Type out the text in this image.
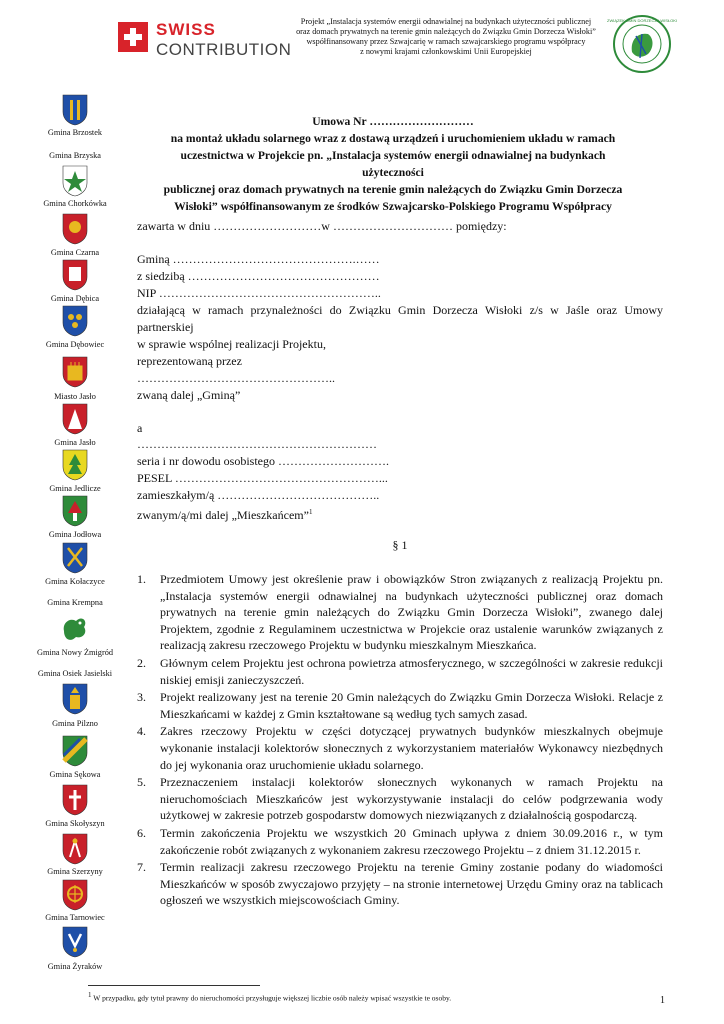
SWISS
CONTRIBUTION
Projekt „Instalacja systemów energii odnawialnej na budynkach użyteczności publicznej
oraz domach prywatnych na terenie gmin należących do Związku Gmin Dorzecza Wisłoki”
współfinansowany przez Szwajcarię w ramach szwajcarskiego programu współpracy
z nowymi krajami członkowskimi Unii Europejskiej
ZWIĄZEK GMIN DORZECZA WISŁOKI
Gmina Brzostek
Gmina Brzyska
Gmina Chorkówka
Gmina Czarna
Gmina Dębica
Gmina Dębowiec
Miasto Jasło
Gmina Jasło
Gmina Jedlicze
Gmina Jodłowa
Gmina Kołaczyce
Gmina Krempna
Gmina Nowy Żmigród
Gmina Osiek Jasielski
Gmina Pilzno
Gmina Sękowa
Gmina Skołyszyn
Gmina Szerzyny
Gmina Tarnowiec
Gmina Żyraków
Umowa Nr ………………………
na montaż układu solarnego wraz z dostawą urządzeń i uruchomieniem układu w ramach
uczestnictwa w Projekcie pn. „Instalacja systemów energii odnawialnej na budynkach użyteczności
publicznej oraz domach prywatnych na terenie gmin należących do Związku Gmin Dorzecza
Wisłoki” współfinansowanym ze środków Szwajcarsko-Polskiego Programu Współpracy
zawarta w dniu ………………………w ………………………… pomiędzy:
Gminą ……………………………………….……
z siedzibą …………………………………………
NIP ………………………………………………..
działającą w ramach przynależności do Związku Gmin Dorzecza Wisłoki z/s w Jaśle oraz Umowy partnerskiej
w sprawie wspólnej realizacji Projektu,
reprezentowaną przez
…………………………………………..
zwaną dalej „Gminą”
a
……………………………………………………
seria i nr dowodu osobistego ……………………….
PESEL ……………………………………………...
zamieszkałym/ą …………………………………..
zwanym/ą/mi dalej „Mieszkańcem”$^1$
§ 1
1. Przedmiotem Umowy jest określenie praw i obowiązków Stron związanych z realizacją Projektu pn. „Instalacja systemów energii odnawialnej na budynkach użyteczności publicznej oraz domach prywatnych na terenie gmin należących do Związku Gmin Dorzecza Wisłoki”, zwanego dalej Projektem, zgodnie z Regulaminem uczestnictwa w Projekcie oraz ustalenie warunków związanych z realizacją zakresu rzeczowego Projektu w budynku mieszkalnym Mieszkańca.
2. Głównym celem Projektu jest ochrona powietrza atmosferycznego, w szczególności w zakresie redukcji niskiej emisji zanieczyszczeń.
3. Projekt realizowany jest na terenie 20 Gmin należących do Związku Gmin Dorzecza Wisłoki. Relacje z Mieszkańcami w każdej z Gmin kształtowane są według tych samych zasad.
4. Zakres rzeczowy Projektu w części dotyczącej prywatnych budynków mieszkalnych obejmuje wykonanie instalacji kolektorów słonecznych z wykorzystaniem materiałów Wykonawcy niezbędnych do jej wykonania oraz uruchomienie układu solarnego.
5. Przeznaczeniem instalacji kolektorów słonecznych wykonanych w ramach Projektu na nieruchomościach Mieszkańców jest wykorzystywanie instalacji do celów podgrzewania wody użytkowej w zakresie potrzeb gospodarstw domowych niezwiązanych z działalnością gospodarczą.
6. Termin zakończenia Projektu we wszystkich 20 Gminach upływa z dniem 30.09.2016 r., w tym zakończenie robót związanych z wykonaniem zakresu rzeczowego Projektu – z dniem 31.12.2015 r.
7. Termin realizacji zakresu rzeczowego Projektu na terenie Gminy zostanie podany do wiadomości Mieszkańców w sposób zwyczajowo przyjęty – na stronie internetowej Urzędu Gminy oraz na tablicach ogłoszeń we wszystkich miejscowościach Gminy.
$^1$ W przypadku, gdy tytuł prawny do nieruchomości przysługuje większej liczbie osób należy wpisać wszystkie te osoby.	1
